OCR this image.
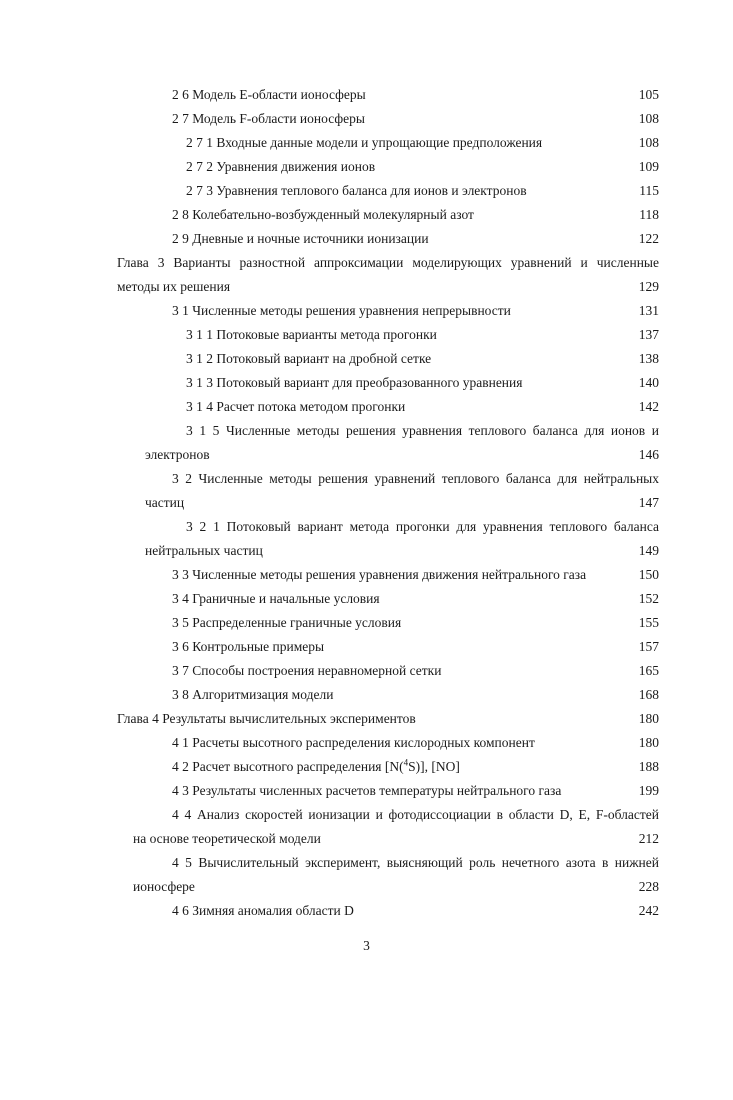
2 6 Модель E-области ионосферы	105
2 7 Модель F-области ионосферы	108
2 7 1 Входные данные модели и упрощающие предположения	108
2 7 2 Уравнения движения ионов	109
2 7 3 Уравнения теплового баланса для ионов и электронов	115
2 8 Колебательно-возбужденный молекулярный азот	118
2 9 Дневные и ночные источники ионизации	122
Глава 3 Варианты разностной аппроксимации моделирующих уравнений и численные
методы их решения	129
3 1 Численные методы решения уравнения непрерывности	131
3 1 1 Потоковые варианты метода прогонки	137
3 1 2 Потоковый вариант на дробной сетке	138
3 1 3 Потоковый вариант для преобразованного уравнения	140
3 1 4 Расчет потока методом прогонки	142
3 1 5 Численные методы решения уравнения теплового баланса для ионов и
электронов	146
3 2 Численные методы решения уравнений теплового баланса для нейтральных
частиц	147
3 2 1 Потоковый вариант метода прогонки для уравнения теплового баланса
нейтральных частиц	149
3 3 Численные методы решения уравнения движения нейтрального газа	150
3 4 Граничные и начальные условия	152
3 5 Распределенные граничные условия	155
3 6 Контрольные примеры	157
3 7 Способы построения неравномерной сетки	165
3 8 Алгоритмизация модели	168
Глава 4 Результаты вычислительных экспериментов	180
4 1 Расчеты высотного распределения кислородных компонент	180
4 2 Расчет высотного распределения [N($^4$S)], [NO]	188
4 3 Результаты численных расчетов температуры нейтрального газа	199
4 4 Анализ скоростей ионизации и фотодиссоциации в области D, E, F-областей
на основе теоретической модели	212
4 5 Вычислительный эксперимент, выясняющий роль нечетного азота в нижней
ионосфере	228
4 6 Зимняя аномалия области D	242
3
